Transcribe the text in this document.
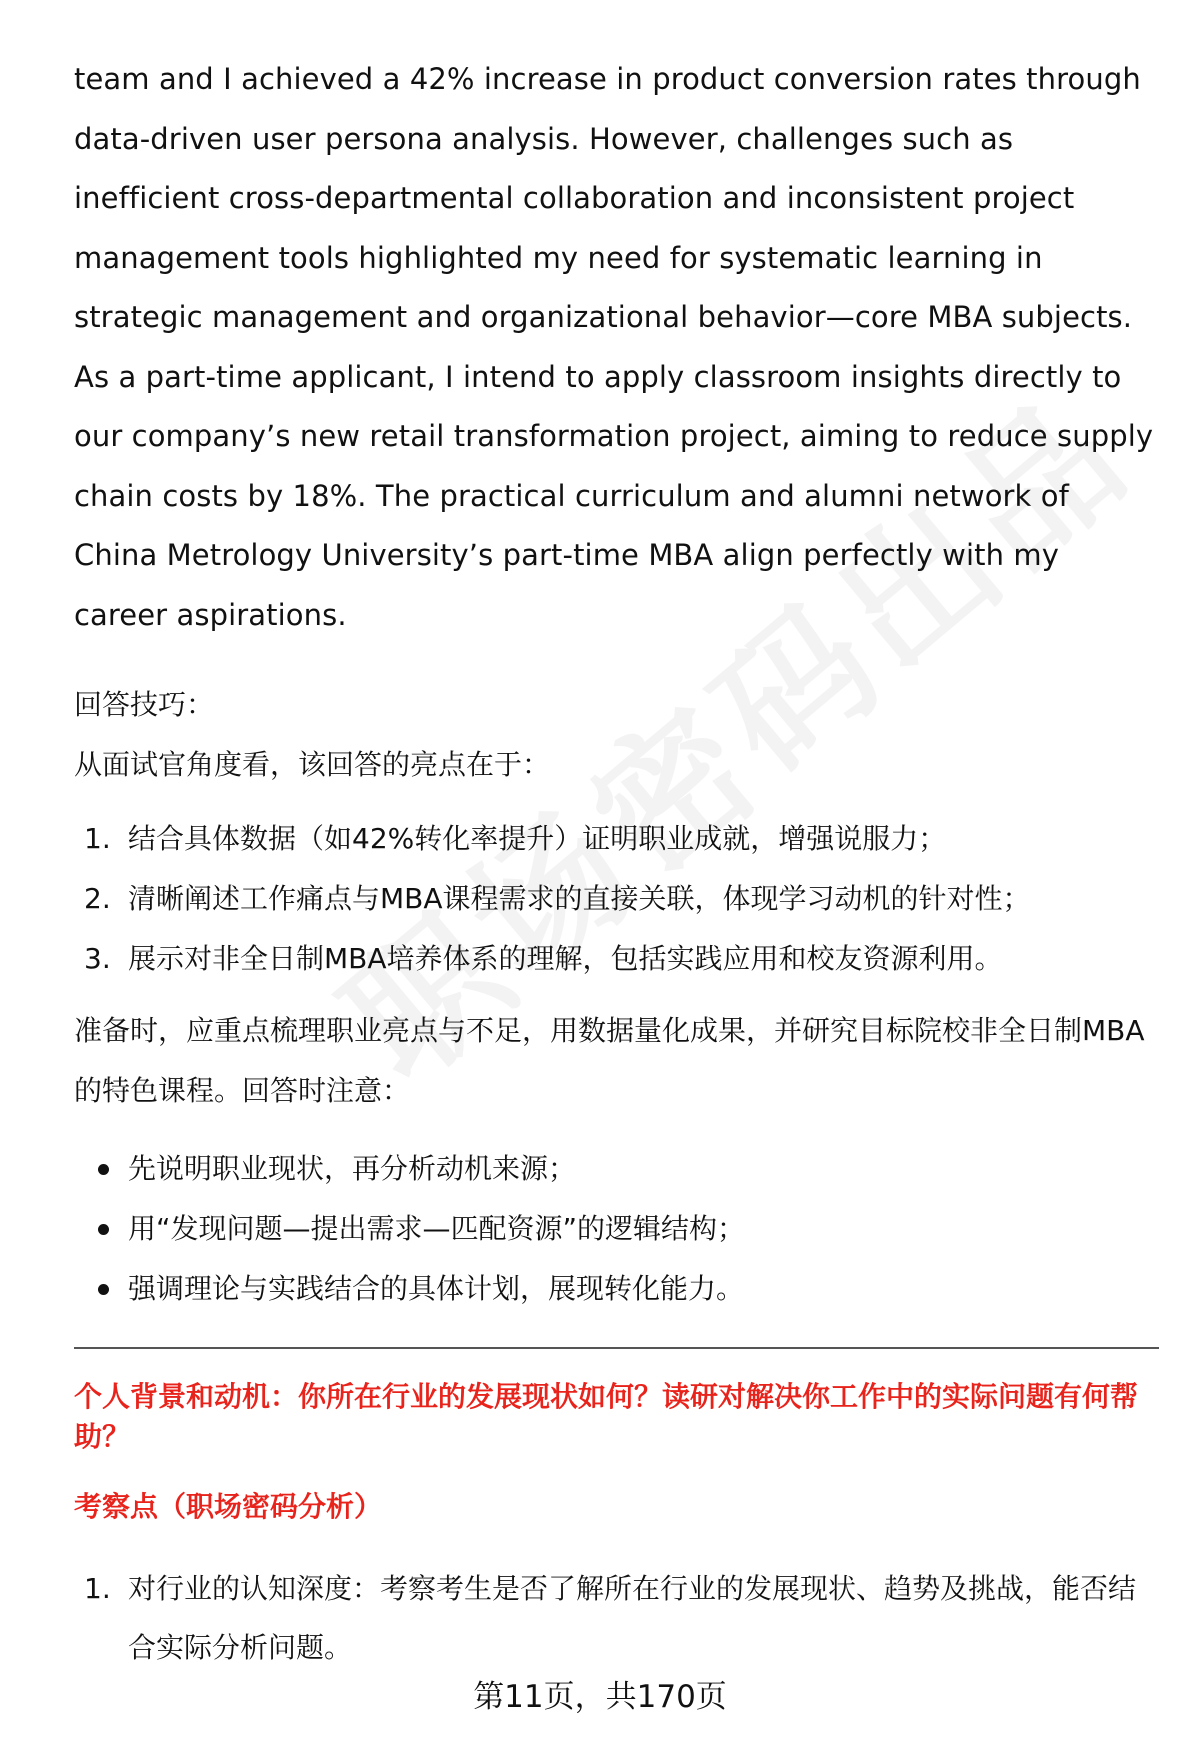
team and I achieved a 42% increase in product conversion rates through data-driven user persona analysis. However, challenges such as inefficient cross-departmental collaboration and inconsistent project management tools highlighted my need for systematic learning in strategic management and organizational behavior—core MBA subjects. As a part-time applicant, I intend to apply classroom insights directly to our company’s new retail transformation project, aiming to reduce supply chain costs by 18%. The practical curriculum and alumni network of China Metrology University’s part-time MBA align perfectly with my career aspirations.

回答技巧：

从面试官角度看，该回答的亮点在于：

1. 结合具体数据（如42%转化率提升）证明职业成就，增强说服力；
2. 清晰阐述工作痛点与MBA课程需求的直接关联，体现学习动机的针对性；
3. 展示对非全日制MBA培养体系的理解，包括实践应用和校友资源利用。

准备时，应重点梳理职业亮点与不足，用数据量化成果，并研究目标院校非全日制MBA的特色课程。回答时注意：

先说明职业现状，再分析动机来源；
用“发现问题—提出需求—匹配资源”的逻辑结构；
强调理论与实践结合的具体计划，展现转化能力。

个人背景和动机：你所在行业的发展现状如何？读研对解决你工作中的实际问题有何帮助？

考察点（职场密码分析）

1. 对行业的认知深度：考察考生是否了解所在行业的发展现状、趋势及挑战，能否结合实际分析问题。
第11页，共170页
